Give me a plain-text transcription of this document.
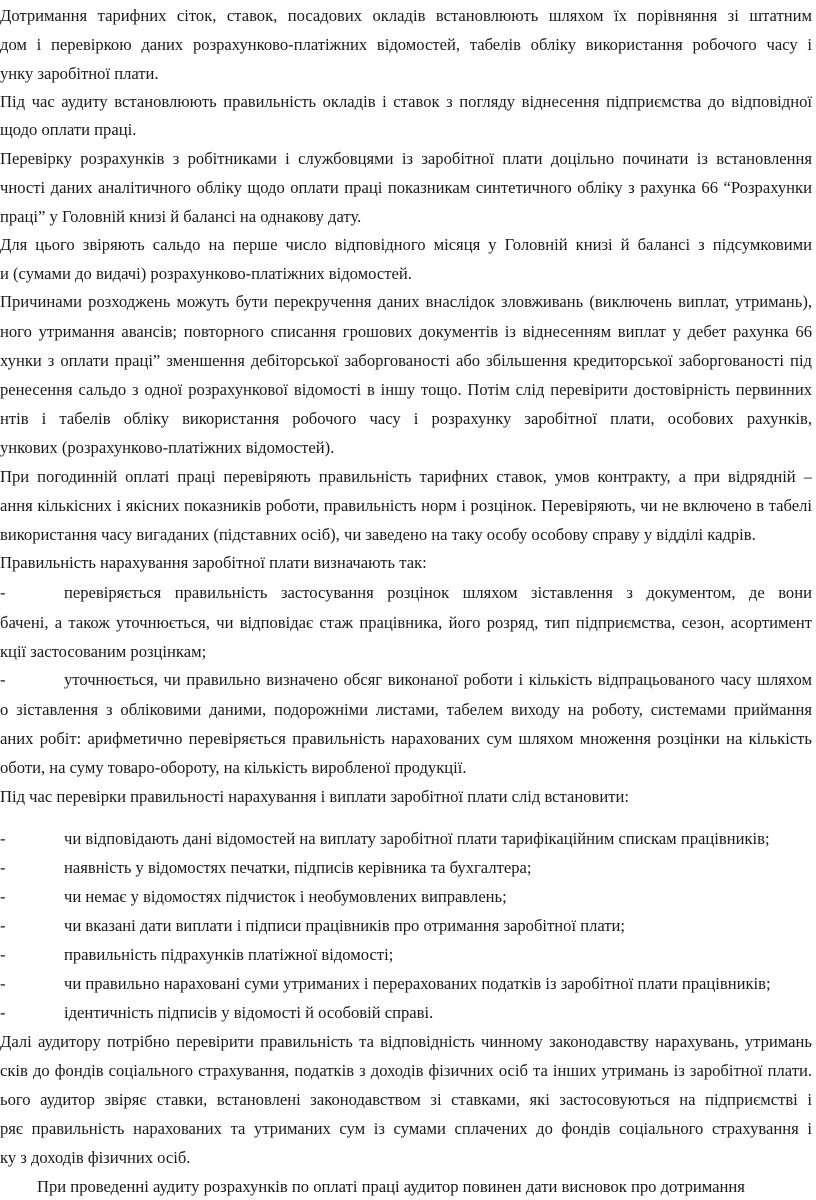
Дотримання тарифних сіток, ставок, посадових окладів встановлюють шляхом їх порівняння зі штатним
дом і перевіркою даних розрахунково-платіжних відомостей, табелів обліку використання робочого часу і
унку заробітної плати.
Під час аудиту встановлюють правильність окладів і ставок з погляду віднесення підприємства до відповідної
щодо оплати праці.
Перевірку розрахунків з робітниками і службовцями із заробітної плати доцільно починати із встановлення
чності даних аналітичного обліку щодо оплати праці показникам синтетичного обліку з рахунка 66 “Розрахунки
праці” у Головній книзі й балансі на однакову дату.
Для цього звіряють сальдо на перше число відповідного місяця у Головній книзі й балансі з підсумковими
и (сумами до видачі) розрахунково-платіжних відомостей.
Причинами розходжень можуть бути перекручення даних внаслідок зловживань (виключень виплат, утримань),
ного утримання авансів; повторного списання грошових документів із віднесенням виплат у дебет рахунка 66
хунки з оплати праці” зменшення дебіторської заборгованості або збільшення кредиторської заборгованості під
ренесення сальдо з одної розрахункової відомості в іншу тощо. Потім слід перевірити достовірність первинних
нтів і табелів обліку використання робочого часу і розрахунку заробітної плати, особових рахунків,
ункових (розрахунково-платіжних відомостей).
При погодинній оплаті праці перевіряють правильність тарифних ставок, умов контракту, а при відрядній –
ання кількісних і якісних показників роботи, правильність норм і розцінок. Перевіряють, чи не включено в табелі
використання часу вигаданих (підставних осіб), чи заведено на таку особу особову справу у відділі кадрів.
Правильність нарахування заробітної плати визначають так:
-	перевіряється правильність застосування розцінок шляхом зіставлення з документом, де вони
бачені, а також уточнюється, чи відповідає стаж працівника, його розряд, тип підприємства, сезон, асортимент
кції застосованим розцінкам;
-	уточнюється, чи правильно визначено обсяг виконаної роботи і кількість відпрацьованого часу шляхом
о зіставлення з обліковими даними, подорожніми листами, табелем виходу на роботу, системами приймання
аних робіт: арифметично перевіряється правильність нарахованих сум шляхом множення розцінки на кількість
оботи, на суму товаро-обороту, на кількість виробленої продукції.
Під час перевірки правильності нарахування і виплати заробітної плати слід встановити:
-	чи відповідають дані відомостей на виплату заробітної плати тарифікаційним спискам працівників;
-	наявність у відомостях печатки, підписів керівника та бухгалтера;
-	чи немає у відомостях підчисток і необумовлених виправлень;
-	чи вказані дати виплати і підписи працівників про отримання заробітної плати;
-	правильність підрахунків платіжної відомості;
-	чи правильно нараховані суми утриманих і перерахованих податків із заробітної плати працівників;
-	ідентичність підписів у відомості й особовій справі.
Далі аудитору потрібно перевірити правильність та відповідність чинному законодавству нарахувань, утримань
сків до фондів соціального страхування, податків з доходів фізичних осіб та інших утримань із заробітної плати.
ього аудитор звіряє ставки, встановлені законодавством зі ставками, які застосовуються на підприємстві і
ряє правильність нарахованих та утриманих сум із сумами сплачених до фондів соціального страхування і
ку з доходів фізичних осіб.
При проведенні аудиту розрахунків по оплаті праці аудитор повинен дати висновок про дотримання
